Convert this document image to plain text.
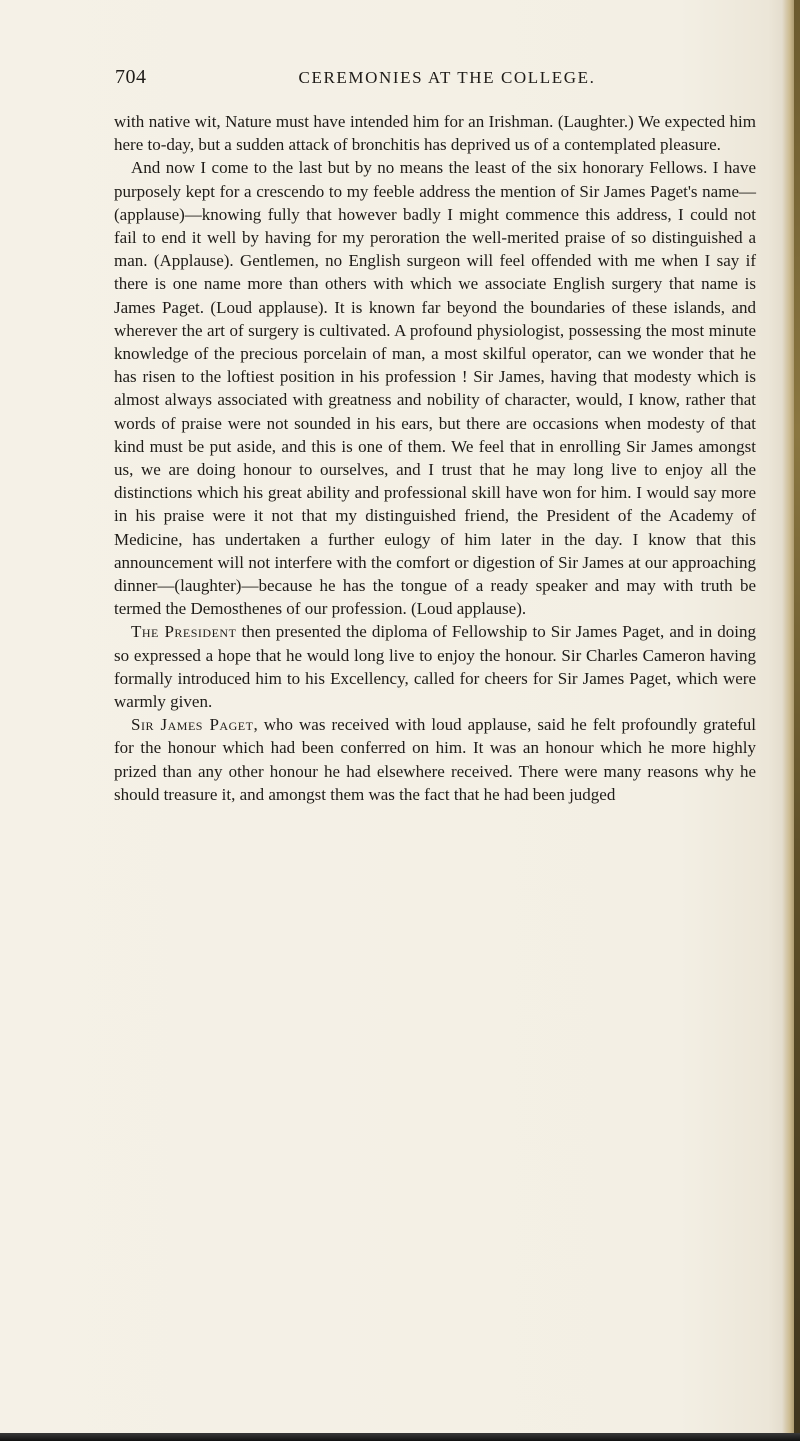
704	CEREMONIES AT THE COLLEGE.

with native wit, Nature must have intended him for an Irishman. (Laughter.) We expected him here to-day, but a sudden attack of bronchitis has deprived us of a contemplated pleasure.

And now I come to the last but by no means the least of the six honorary Fellows. I have purposely kept for a crescendo to my feeble address the mention of Sir James Paget's name—(applause)—knowing fully that however badly I might commence this address, I could not fail to end it well by having for my peroration the well-merited praise of so distinguished a man. (Applause). Gentlemen, no English surgeon will feel offended with me when I say if there is one name more than others with which we associate English surgery that name is James Paget. (Loud applause). It is known far beyond the boundaries of these islands, and wherever the art of surgery is cultivated. A profound physiologist, possessing the most minute knowledge of the precious porcelain of man, a most skilful operator, can we wonder that he has risen to the loftiest position in his profession ! Sir James, having that modesty which is almost always associated with greatness and nobility of character, would, I know, rather that words of praise were not sounded in his ears, but there are occasions when modesty of that kind must be put aside, and this is one of them. We feel that in enrolling Sir James amongst us, we are doing honour to ourselves, and I trust that he may long live to enjoy all the distinctions which his great ability and professional skill have won for him. I would say more in his praise were it not that my distinguished friend, the President of the Academy of Medicine, has undertaken a further eulogy of him later in the day. I know that this announcement will not interfere with the comfort or digestion of Sir James at our approaching dinner—(laughter)—because he has the tongue of a ready speaker and may with truth be termed the Demosthenes of our profession. (Loud applause).

The President then presented the diploma of Fellowship to Sir James Paget, and in doing so expressed a hope that he would long live to enjoy the honour. Sir Charles Cameron having formally introduced him to his Excellency, called for cheers for Sir James Paget, which were warmly given.

Sir James Paget, who was received with loud applause, said he felt profoundly grateful for the honour which had been conferred on him. It was an honour which he more highly prized than any other honour he had elsewhere received. There were many reasons why he should treasure it, and amongst them was the fact that he had been judged
